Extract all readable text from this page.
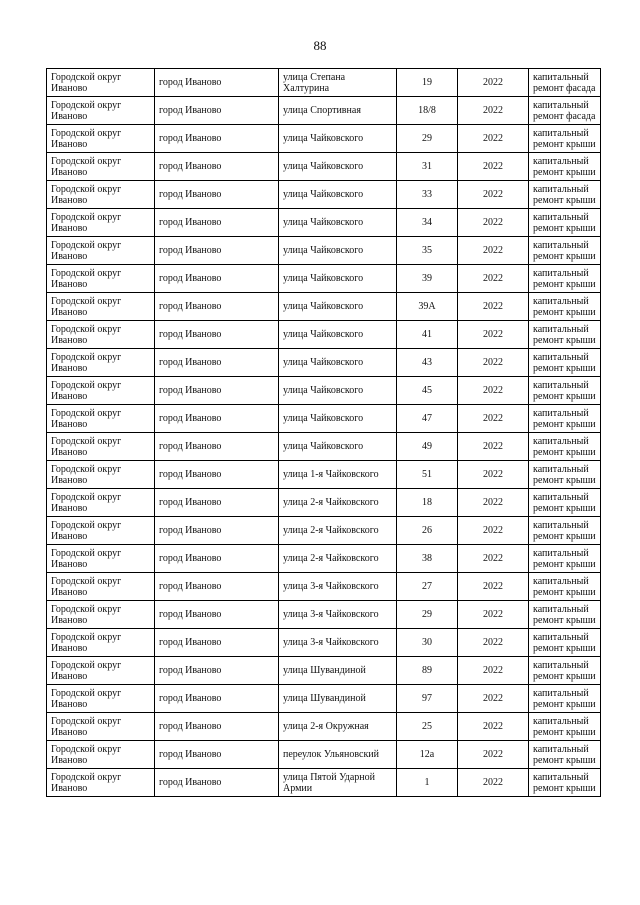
88
Городской округ Иваново	город Иваново	улица Степана Халтурина	19	2022	капитальный ремонт фасада
Городской округ Иваново	город Иваново	улица Спортивная	18/8	2022	капитальный ремонт фасада
Городской округ Иваново	город Иваново	улица Чайковского	29	2022	капитальный ремонт крыши
Городской округ Иваново	город Иваново	улица Чайковского	31	2022	капитальный ремонт крыши
Городской округ Иваново	город Иваново	улица Чайковского	33	2022	капитальный ремонт крыши
Городской округ Иваново	город Иваново	улица Чайковского	34	2022	капитальный ремонт крыши
Городской округ Иваново	город Иваново	улица Чайковского	35	2022	капитальный ремонт крыши
Городской округ Иваново	город Иваново	улица Чайковского	39	2022	капитальный ремонт крыши
Городской округ Иваново	город Иваново	улица Чайковского	39А	2022	капитальный ремонт крыши
Городской округ Иваново	город Иваново	улица Чайковского	41	2022	капитальный ремонт крыши
Городской округ Иваново	город Иваново	улица Чайковского	43	2022	капитальный ремонт крыши
Городской округ Иваново	город Иваново	улица Чайковского	45	2022	капитальный ремонт крыши
Городской округ Иваново	город Иваново	улица Чайковского	47	2022	капитальный ремонт крыши
Городской округ Иваново	город Иваново	улица Чайковского	49	2022	капитальный ремонт крыши
Городской округ Иваново	город Иваново	улица 1-я Чайковского	51	2022	капитальный ремонт крыши
Городской округ Иваново	город Иваново	улица 2-я Чайковского	18	2022	капитальный ремонт крыши
Городской округ Иваново	город Иваново	улица 2-я Чайковского	26	2022	капитальный ремонт крыши
Городской округ Иваново	город Иваново	улица 2-я Чайковского	38	2022	капитальный ремонт крыши
Городской округ Иваново	город Иваново	улица 3-я Чайковского	27	2022	капитальный ремонт крыши
Городской округ Иваново	город Иваново	улица 3-я Чайковского	29	2022	капитальный ремонт крыши
Городской округ Иваново	город Иваново	улица 3-я Чайковского	30	2022	капитальный ремонт крыши
Городской округ Иваново	город Иваново	улица Шувандиной	89	2022	капитальный ремонт крыши
Городской округ Иваново	город Иваново	улица Шувандиной	97	2022	капитальный ремонт крыши
Городской округ Иваново	город Иваново	улица 2-я Окружная	25	2022	капитальный ремонт крыши
Городской округ Иваново	город Иваново	переулок Ульяновский	12а	2022	капитальный ремонт крыши
Городской округ Иваново	город Иваново	улица Пятой Ударной Армии	1	2022	капитальный ремонт крыши
